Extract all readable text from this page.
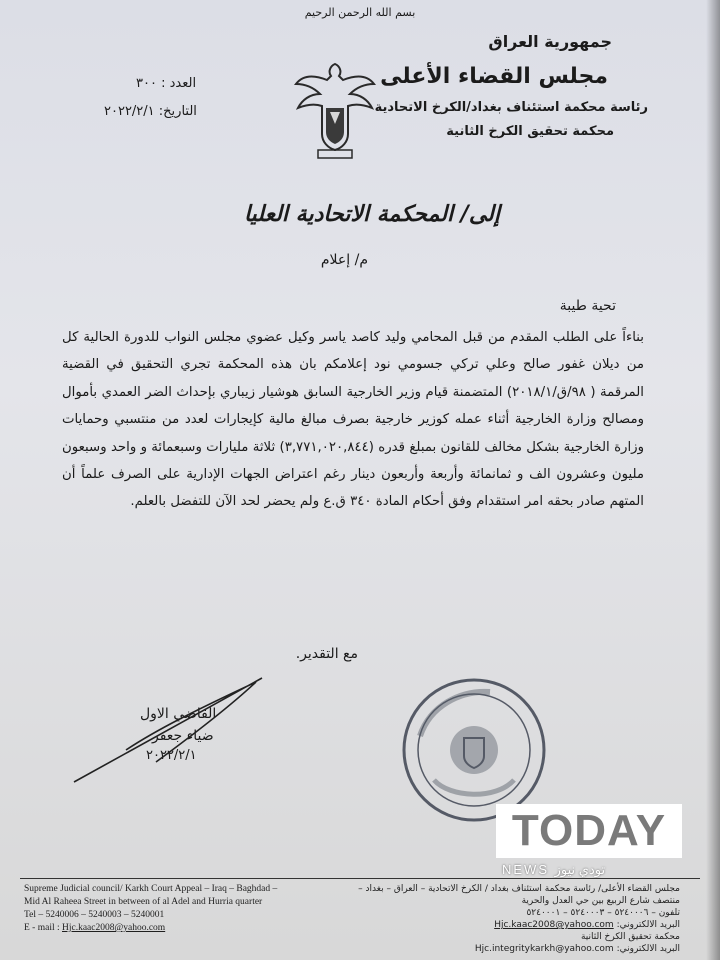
بسم الله الرحمن الرحيم
جمهورية العراق
مجلس القضاء الأعلى
رئاسة محكمة استئناف بغداد/الكرخ الاتحادية
محكمة تحقيق الكرخ الثانية
العدد : ٣٠٠
التاريخ: ٢٠٢٢/٢/١
إلى/ المحكمة الاتحادية العليا
م/ إعلام
تحية طيبة
بناءاً على الطلب المقدم من قبل المحامي وليد كاصد ياسر وكيل عضوي مجلس النواب للدورة الحالية كل من ديلان غفور صالح وعلي تركي جسومي نود إعلامكم بان هذه المحكمة تجري التحقيق في القضية المرقمة ( ٩٨/ق/٢٠١٨/١) المتضمنة قيام وزير الخارجية السابق هوشيار زيباري بإحداث الضر العمدي بأموال ومصالح وزارة الخارجية أثناء عمله كوزير خارجية بصرف مبالغ مالية كإيجارات لعدد من منتسبي وحمايات وزارة الخارجية بشكل مخالف للقانون بمبلغ قدره (٣,٧٧١,٠٢٠,٨٤٤) ثلاثة مليارات وسبعمائة و واحد وسبعون مليون وعشرون الف و ثمانمائة وأربعة وأربعون دينار رغم اعتراض الجهات الإدارية على الصرف علماً أن المتهم صادر بحقه امر استقدام وفق أحكام المادة ٣٤٠ ق.ع ولم يحضر لحد الآن للتفضل بالعلم.
مع التقدير.
القاضي الاول
ضياء جعفر
٢٠٢٢/٢/١
Supreme Judicial council/ Karkh Court Appeal – Iraq – Baghdad –
Mid Al Raheea Street in between of al Adel and Hurria quarter
Tel – 5240006 – 5240003 – 5240001
E - mail : Hjc.kaac2008@yahoo.com
مجلس القضاء الأعلى/ رئاسة محكمة استئناف بغداد / الكرخ الاتحادية – العراق – بغداد –
منتصف شارع الربيع بين حي العدل والحرية
تلفون – ٥٢٤٠٠٠٦ – ٥٢٤٠٠٠٣ – ٥٢٤٠٠٠١
البريد الالكتروني: Hjc.kaac2008@yahoo.com
محكمة تحقيق الكرخ الثانية
البريد الالكتروني: Hjc.integritykarkh@yahoo.com
TODAY
NEWS تودي نيوز
